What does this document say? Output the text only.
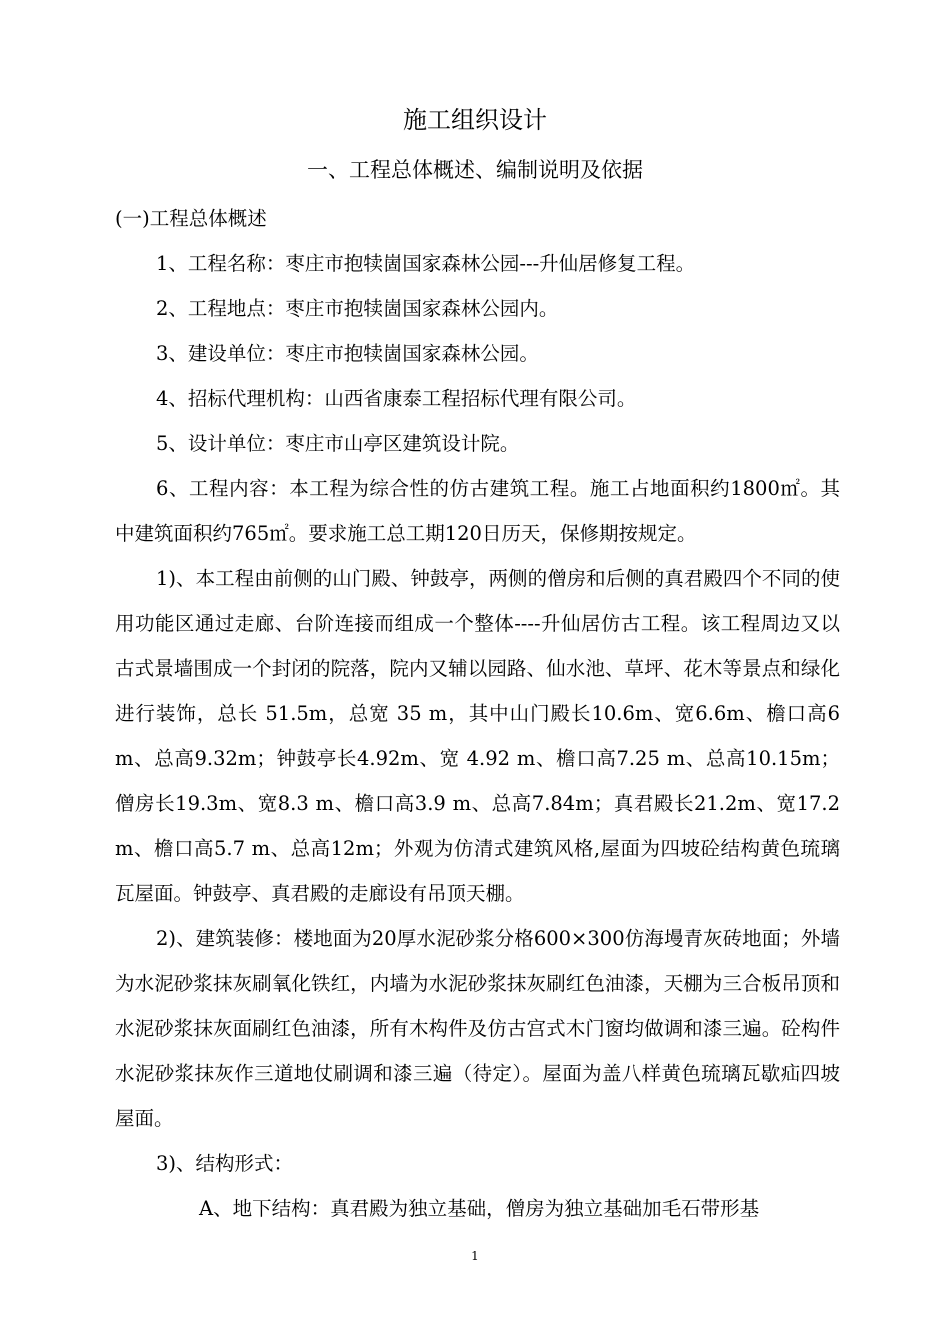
施工组织设计
一、工程总体概述、编制说明及依据

(一)工程总体概述

1、工程名称：枣庄市抱犊崮国家森林公园---升仙居修复工程。

2、工程地点：枣庄市抱犊崮国家森林公园内。

3、建设单位：枣庄市抱犊崮国家森林公园。

4、招标代理机构：山西省康泰工程招标代理有限公司。

5、设计单位：枣庄市山亭区建筑设计院。

6、工程内容：本工程为综合性的仿古建筑工程。施工占地面积约1800㎡。其中建筑面积约765㎡。要求施工总工期120日历天，保修期按规定。

1)、本工程由前侧的山门殿、钟鼓亭，两侧的僧房和后侧的真君殿四个不同的使用功能区通过走廊、台阶连接而组成一个整体----升仙居仿古工程。该工程周边又以古式景墙围成一个封闭的院落，院内又辅以园路、仙水池、草坪、花木等景点和绿化进行装饰，总长 51.5m，总宽 35 m，其中山门殿长10.6m、宽6.6m、檐口高6 m、总高9.32m；钟鼓亭长4.92m、宽 4.92 m、檐口高7.25 m、总高10.15m；僧房长19.3m、宽8.3 m、檐口高3.9 m、总高7.84m；真君殿长21.2m、宽17.2 m、檐口高5.7 m、总高12m；外观为仿清式建筑风格,屋面为四坡砼结构黄色琉璃瓦屋面。钟鼓亭、真君殿的走廊设有吊顶天棚。

2)、建筑装修：楼地面为20厚水泥砂浆分格600×300仿海墁青灰砖地面；外墙为水泥砂浆抹灰刷氧化铁红，内墙为水泥砂浆抹灰刷红色油漆，天棚为三合板吊顶和水泥砂浆抹灰面刷红色油漆，所有木构件及仿古宫式木门窗均做调和漆三遍。砼构件水泥砂浆抹灰作三道地仗刷调和漆三遍（待定）。屋面为盖八样黄色琉璃瓦歇疝四坡屋面。

3)、结构形式：

A、地下结构：真君殿为独立基础，僧房为独立基础加毛石带形基

1
